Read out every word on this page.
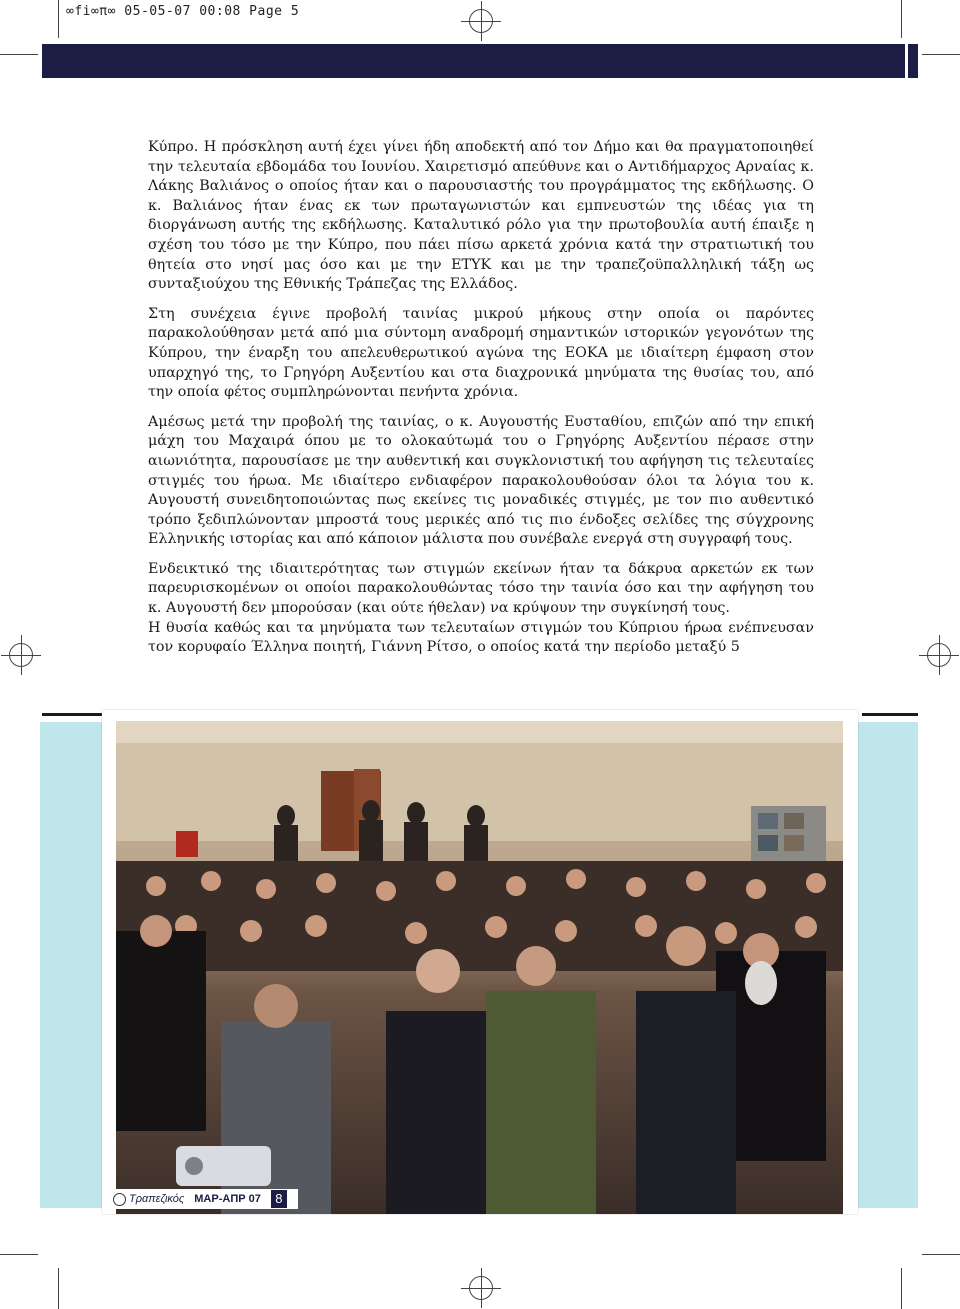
∞fi∞π∞ 05-05-07 00:08 Page 5

Κύπρο. Η πρόσκληση αυτή έχει γίνει ήδη αποδεκτή από τον Δήμο και θα πραγματοποιηθεί την τελευταία εβδομάδα του Ιουνίου. Χαιρετισμό απεύθυνε και ο Αντιδήμαρχος Αρναίας κ. Λάκης Βαλιάνος ο οποίος ήταν και ο παρουσιαστής του προγράμματος της εκδήλωσης. Ο κ. Βαλιάνος ήταν ένας εκ των πρωταγωνιστών και εμπνευστών της ιδέας για τη διοργάνωση αυτής της εκδήλωσης. Καταλυτικό ρόλο για την πρωτοβουλία αυτή έπαιξε η σχέση του τόσο με την Κύπρο, που πάει πίσω αρκετά χρόνια κατά την στρατιωτική του θητεία στο νησί μας όσο και με την ΕΤΥΚ και με την τραπεζοϋπαλληλική τάξη ως συνταξιούχου της Εθνικής Τράπεζας της Ελλάδος.

Στη συνέχεια έγινε προβολή ταινίας μικρού μήκους στην οποία οι παρόντες παρακολούθησαν μετά από μια σύντομη αναδρομή σημαντικών ιστορικών γεγονότων της Κύπρου, την έναρξη του απελευθερωτικού αγώνα της ΕΟΚΑ με ιδιαίτερη έμφαση στον υπαρχηγό της, το Γρηγόρη Αυξεντίου και στα διαχρονικά μηνύματα της θυσίας του, από την οποία φέτος συμπληρώνονται πενήντα χρόνια.

Αμέσως μετά την προβολή της ταινίας, ο κ. Αυγουστής Ευσταθίου, επιζών από την επική μάχη του Μαχαιρά όπου με το ολοκαύτωμά του ο Γρηγόρης Αυξεντίου πέρασε στην αιωνιότητα, παρουσίασε με την αυθεντική και συγκλονιστική του αφήγηση τις τελευταίες στιγμές του ήρωα. Με ιδιαίτερο ενδιαφέρον παρακολουθούσαν όλοι τα λόγια του κ. Αυγουστή συνειδητοποιώντας πως εκείνες τις μοναδικές στιγμές, με τον πιο αυθεντικό τρόπο ξεδιπλώνονταν μπροστά τους μερικές από τις πιο ένδοξες σελίδες της σύγχρονης Ελληνικής ιστορίας και από κάποιον μάλιστα που συνέβαλε ενεργά στη συγγραφή τους.

Ενδεικτικό της ιδιαιτερότητας των στιγμών εκείνων ήταν τα δάκρυα αρκετών εκ των παρευρισκομένων οι οποίοι παρακολουθώντας τόσο την ταινία όσο και την αφήγηση του κ. Αυγουστή δεν μπορούσαν (και ούτε ήθελαν) να κρύψουν την συγκίνησή τους.

Η θυσία καθώς και τα μηνύματα των τελευταίων στιγμών του Κύπριου ήρωα ενέπνευσαν τον κορυφαίο Έλληνα ποιητή, Γιάννη Ρίτσο, ο οποίος κατά την περίοδο μεταξύ 5

Τραπεζικός ΜΑΡ-ΑΠΡ 07	8
